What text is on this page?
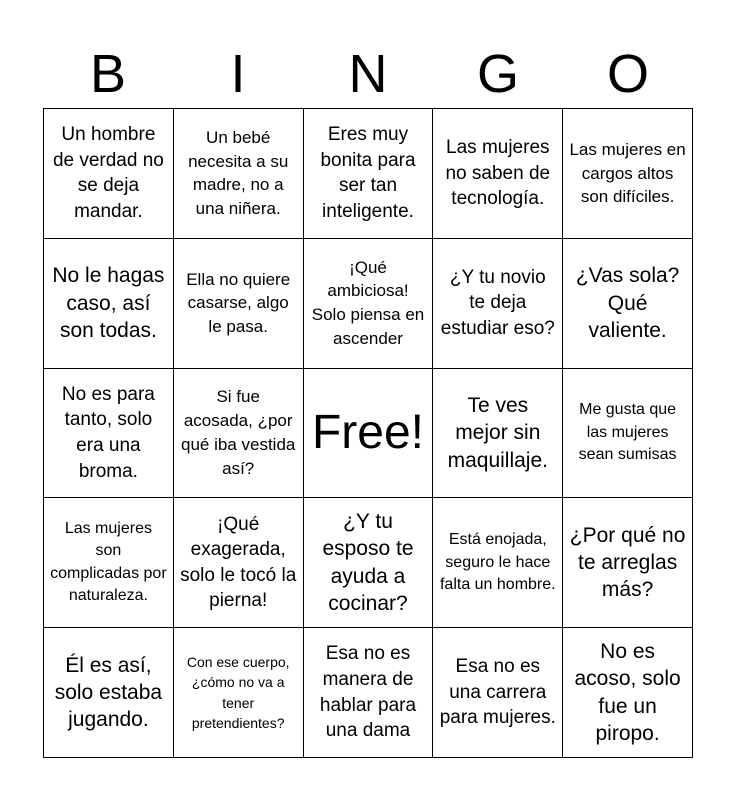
B	I	N	G	O
Un hombre de verdad no se deja mandar.
Un bebé necesita a su madre, no a una niñera.
Eres muy bonita para ser tan inteligente.
Las mujeres no saben de tecnología.
Las mujeres en cargos altos son difíciles.
No le hagas caso, así son todas.
Ella no quiere casarse, algo le pasa.
¡Qué ambiciosa! Solo piensa en ascender
¿Y tu novio te deja estudiar eso?
¿Vas sola? Qué valiente.
No es para tanto, solo era una broma.
Si fue acosada, ¿por qué iba vestida así?
Free!
Te ves mejor sin maquillaje.
Me gusta que las mujeres sean sumisas
Las mujeres son complicadas por naturaleza.
¡Qué exagerada, solo le tocó la pierna!
¿Y tu esposo te ayuda a cocinar?
Está enojada, seguro le hace falta un hombre.
¿Por qué no te arreglas más?
Él es así, solo estaba jugando.
Con ese cuerpo, ¿cómo no va a tener pretendientes?
Esa no es manera de hablar para una dama
Esa no es una carrera para mujeres.
No es acoso, solo fue un piropo.
